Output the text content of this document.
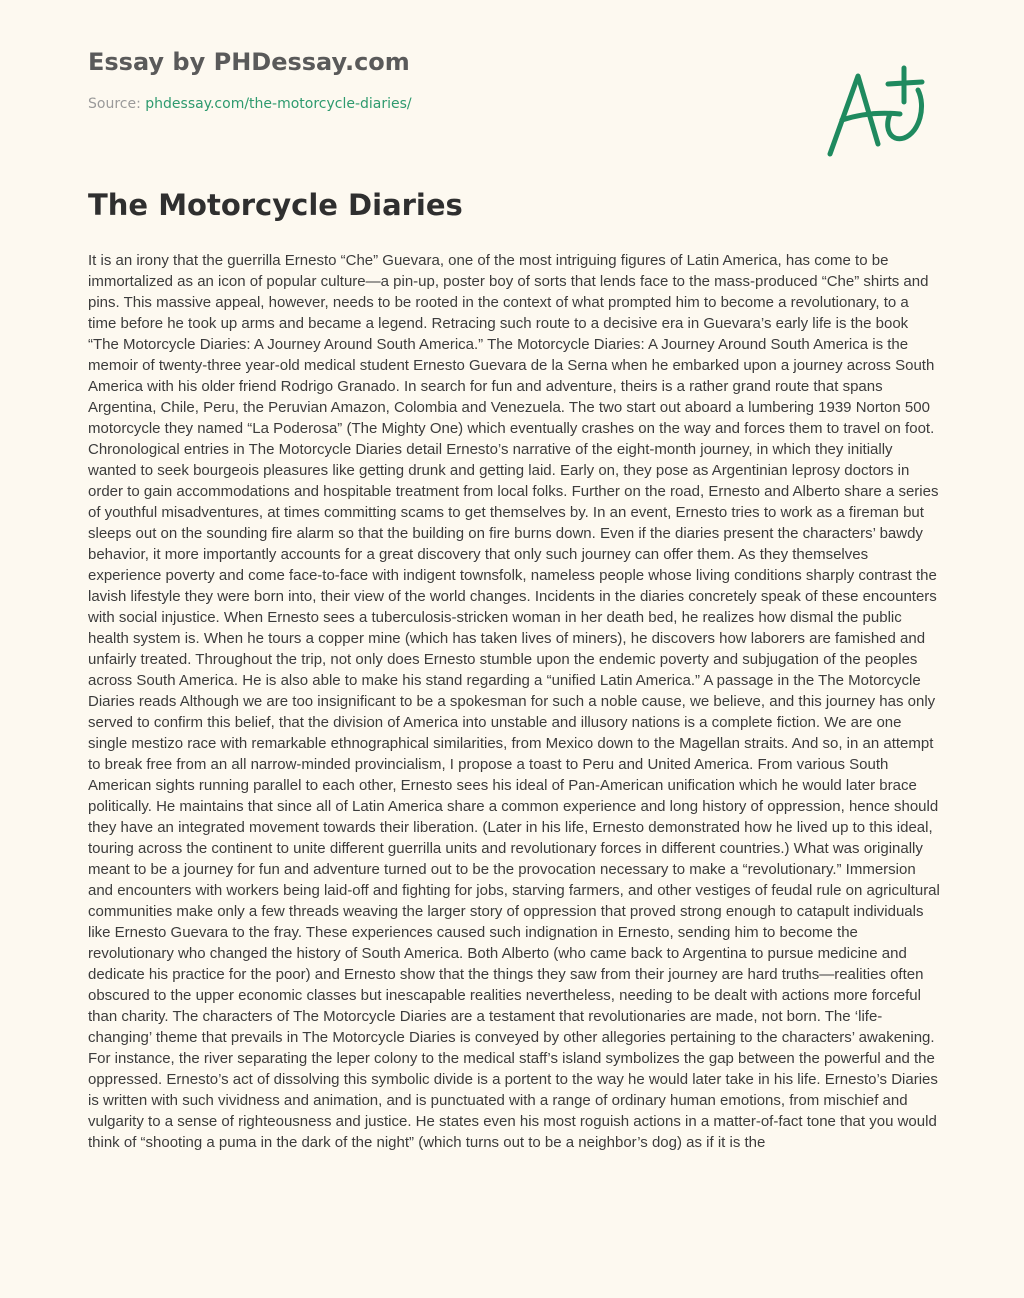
Essay by PHDessay.com
Source: phdessay.com/the-motorcycle-diaries/
The Motorcycle Diaries

It is an irony that the guerrilla Ernesto “Che” Guevara, one of the most intriguing figures of Latin America, has come to be immortalized as an icon of popular culture—a pin-up, poster boy of sorts that lends face to the mass-produced “Che” shirts and pins. This massive appeal, however, needs to be rooted in the context of what prompted him to become a revolutionary, to a time before he took up arms and became a legend. Retracing such route to a decisive era in Guevara’s early life is the book “The Motorcycle Diaries: A Journey Around South America.” The Motorcycle Diaries: A Journey Around South America is the memoir of twenty-three year-old medical student Ernesto Guevara de la Serna when he embarked upon a journey across South America with his older friend Rodrigo Granado. In search for fun and adventure, theirs is a rather grand route that spans Argentina, Chile, Peru, the Peruvian Amazon, Colombia and Venezuela. The two start out aboard a lumbering 1939 Norton 500 motorcycle they named “La Poderosa” (The Mighty One) which eventually crashes on the way and forces them to travel on foot. Chronological entries in The Motorcycle Diaries detail Ernesto’s narrative of the eight-month journey, in which they initially wanted to seek bourgeois pleasures like getting drunk and getting laid. Early on, they pose as Argentinian leprosy doctors in order to gain accommodations and hospitable treatment from local folks. Further on the road, Ernesto and Alberto share a series of youthful misadventures, at times committing scams to get themselves by. In an event, Ernesto tries to work as a fireman but sleeps out on the sounding fire alarm so that the building on fire burns down. Even if the diaries present the characters’ bawdy behavior, it more importantly accounts for a great discovery that only such journey can offer them. As they themselves experience poverty and come face-to-face with indigent townsfolk, nameless people whose living conditions sharply contrast the lavish lifestyle they were born into, their view of the world changes. Incidents in the diaries concretely speak of these encounters with social injustice. When Ernesto sees a tuberculosis-stricken woman in her death bed, he realizes how dismal the public health system is. When he tours a copper mine (which has taken lives of miners), he discovers how laborers are famished and unfairly treated. Throughout the trip, not only does Ernesto stumble upon the endemic poverty and subjugation of the peoples across South America. He is also able to make his stand regarding a “unified Latin America.” A passage in the The Motorcycle Diaries reads Although we are too insignificant to be a spokesman for such a noble cause, we believe, and this journey has only served to confirm this belief, that the division of America into unstable and illusory nations is a complete fiction. We are one single mestizo race with remarkable ethnographical similarities, from Mexico down to the Magellan straits. And so, in an attempt to break free from an all narrow-minded provincialism, I propose a toast to Peru and United America. From various South American sights running parallel to each other, Ernesto sees his ideal of Pan-American unification which he would later brace politically. He maintains that since all of Latin America share a common experience and long history of oppression, hence should they have an integrated movement towards their liberation. (Later in his life, Ernesto demonstrated how he lived up to this ideal, touring across the continent to unite different guerrilla units and revolutionary forces in different countries.) What was originally meant to be a journey for fun and adventure turned out to be the provocation necessary to make a “revolutionary.” Immersion and encounters with workers being laid-off and fighting for jobs, starving farmers, and other vestiges of feudal rule on agricultural communities make only a few threads weaving the larger story of oppression that proved strong enough to catapult individuals like Ernesto Guevara to the fray. These experiences caused such indignation in Ernesto, sending him to become the revolutionary who changed the history of South America. Both Alberto (who came back to Argentina to pursue medicine and dedicate his practice for the poor) and Ernesto show that the things they saw from their journey are hard truths—realities often obscured to the upper economic classes but inescapable realities nevertheless, needing to be dealt with actions more forceful than charity. The characters of The Motorcycle Diaries are a testament that revolutionaries are made, not born. The ‘life-changing’ theme that prevails in The Motorcycle Diaries is conveyed by other allegories pertaining to the characters’ awakening. For instance, the river separating the leper colony to the medical staff’s island symbolizes the gap between the powerful and the oppressed. Ernesto’s act of dissolving this symbolic divide is a portent to the way he would later take in his life. Ernesto’s Diaries is written with such vividness and animation, and is punctuated with a range of ordinary human emotions, from mischief and vulgarity to a sense of righteousness and justice. He states even his most roguish actions in a matter-of-fact tone that you would think of “shooting a puma in the dark of the night” (which turns out to be a neighbor’s dog) as if it is the
